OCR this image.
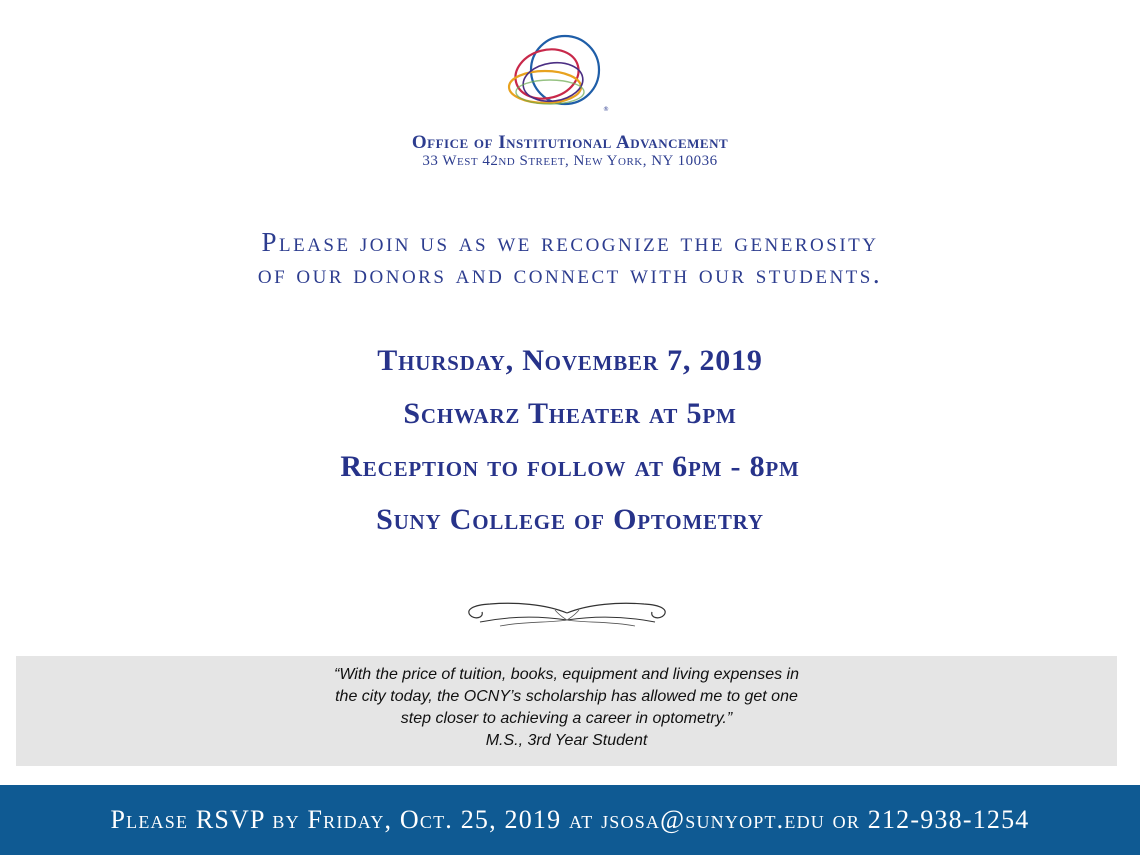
®
Office of Institutional Advancement
33 West 42nd Street, New York, NY 10036
Please join us as we recognize the generosity
of our donors and connect with our students.
Thursday, November 7, 2019
Schwarz Theater at 5pm
Reception to follow at 6pm - 8pm
Suny College of Optometry
“With the price of tuition, books, equipment and living expenses in
the city today, the OCNY’s scholarship has allowed me to get one
step closer to achieving a career in optometry.”
M.S., 3rd Year Student
Please RSVP by Friday, Oct. 25, 2019 at jsosa@sunyopt.edu or 212-938-1254
